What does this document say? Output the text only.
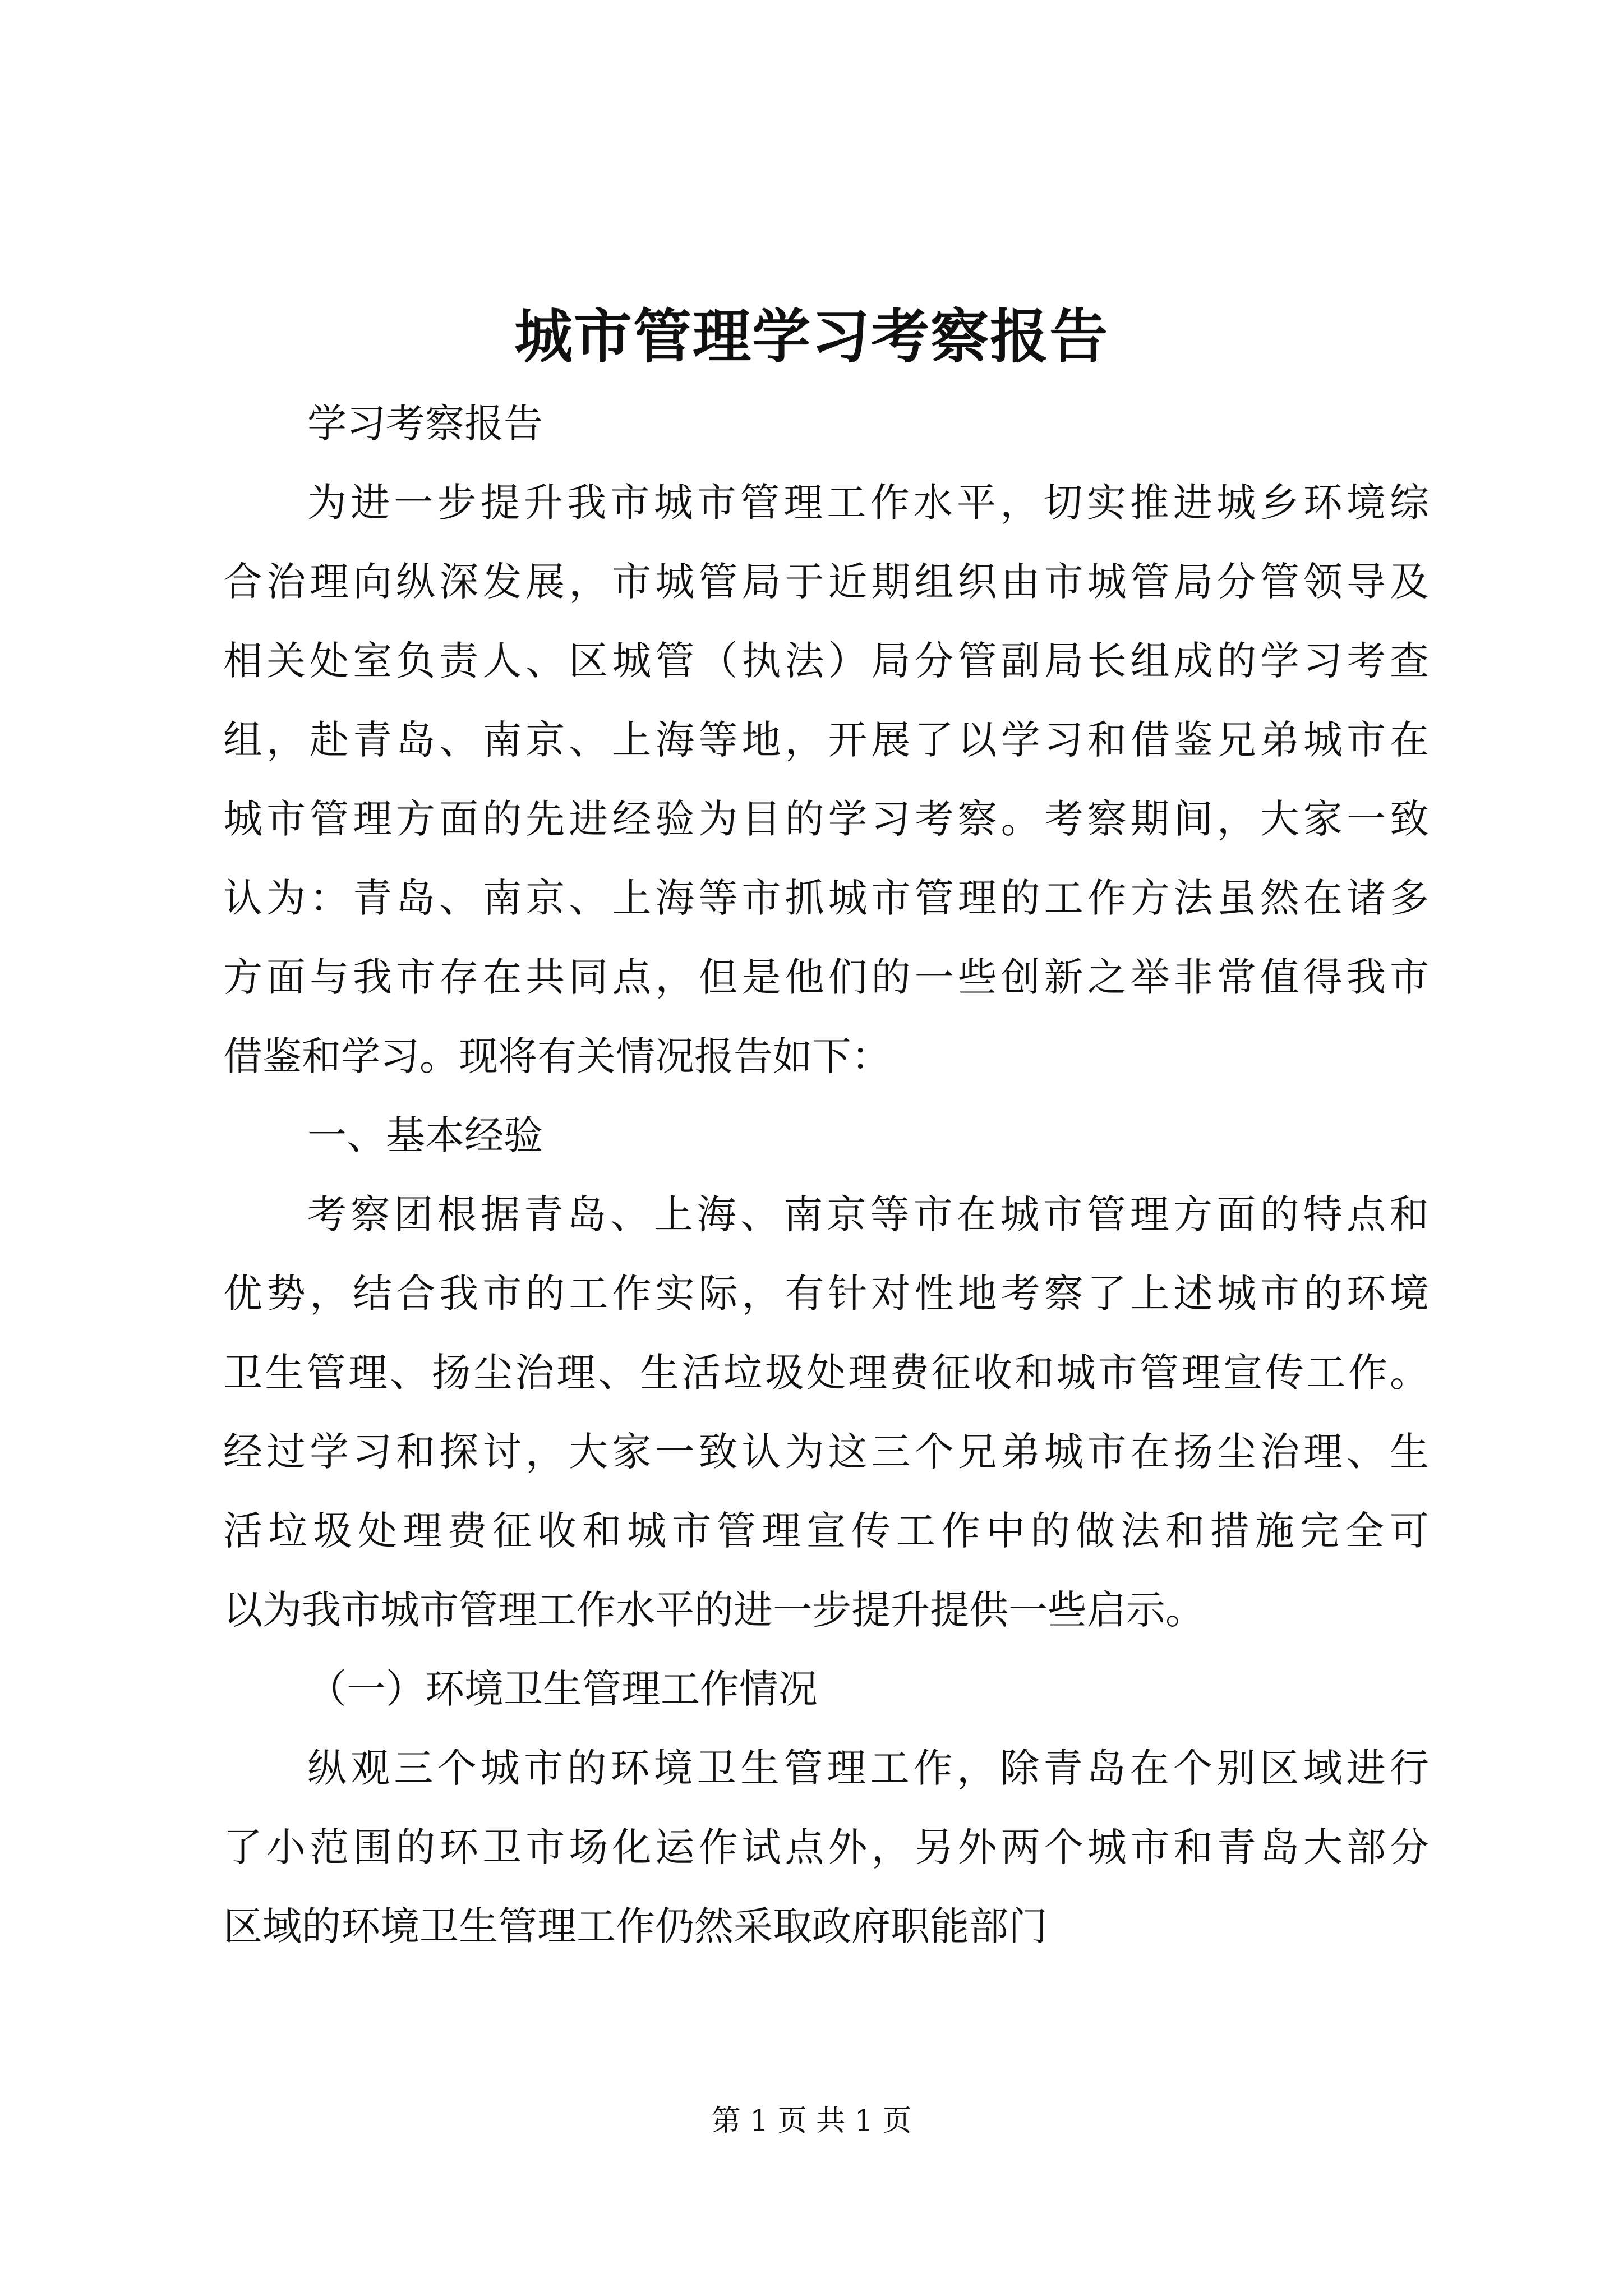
城市管理学习考察报告

学习考察报告

为进一步提升我市城市管理工作水平，切实推进城乡环境综

合治理向纵深发展，市城管局于近期组织由市城管局分管领导及

相关处室负责人、区城管（执法）局分管副局长组成的学习考查

组，赴青岛、南京、上海等地，开展了以学习和借鉴兄弟城市在

城市管理方面的先进经验为目的学习考察。考察期间，大家一致

认为：青岛、南京、上海等市抓城市管理的工作方法虽然在诸多

方面与我市存在共同点，但是他们的一些创新之举非常值得我市

借鉴和学习。现将有关情况报告如下：

一、基本经验

考察团根据青岛、上海、南京等市在城市管理方面的特点和

优势，结合我市的工作实际，有针对性地考察了上述城市的环境

卫生管理、扬尘治理、生活垃圾处理费征收和城市管理宣传工作。

经过学习和探讨，大家一致认为这三个兄弟城市在扬尘治理、生

活垃圾处理费征收和城市管理宣传工作中的做法和措施完全可

以为我市城市管理工作水平的进一步提升提供一些启示。

（一）环境卫生管理工作情况

纵观三个城市的环境卫生管理工作，除青岛在个别区域进行

了小范围的环卫市场化运作试点外，另外两个城市和青岛大部分

区域的环境卫生管理工作仍然采取政府职能部门

第 1 页 共 1 页
